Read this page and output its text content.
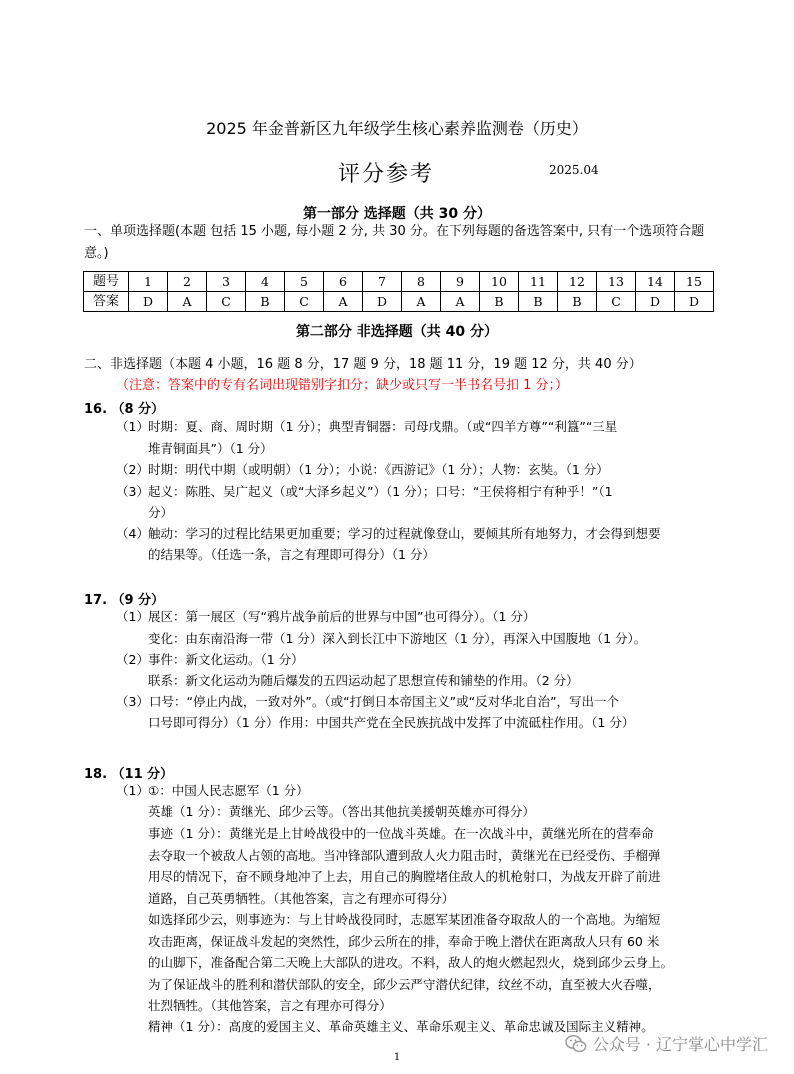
2025 年金普新区九年级学生核心素养监测卷（历史）
评分参考	2025.04
第一部分 选择题（共 30 分）
一、单项选择题(本题 包括 15 小题, 每小题 2 分, 共 30 分。在下列每题的备选答案中, 只有一个选项符合题
意。)
题号	1	2	3	4	5	6	7	8	9	10	11	12	13	14	15
答案	D	A	C	B	C	A	D	A	A	B	B	B	C	D	D
第二部分 非选择题（共 40 分）
二、非选择题（本题 4 小题，16 题 8 分，17 题 9 分，18 题 11 分，19 题 12 分，共 40 分）
（注意：答案中的专有名词出现错别字扣分；缺少或只写一半书名号扣 1 分；）
16. （8 分）
（1） 时期：夏、商、周时期（1 分）；典型青铜器：司母戊鼎。（或“四羊方尊”“利簋”“三星
堆青铜面具”）（1 分）
（2） 时期：明代中期（或明朝）（1 分）；小说：《西游记》（1 分）；人物：玄奘。（1 分）
（3） 起义：陈胜、吴广起义（或“大泽乡起义”）（1 分）；口号：“王侯将相宁有种乎！”（1
分）
（4） 触动：学习的过程比结果更加重要；学习的过程就像登山，要倾其所有地努力，才会得到想要
的结果等。（任选一条，言之有理即可得分）（1 分）
17. （9 分）
（1） 展区：第一展区（写“鸦片战争前后的世界与中国”也可得分）。（1 分）
变化：由东南沿海一带（1 分）深入到长江中下游地区（1 分），再深入中国腹地（1 分）。
（2） 事件：新文化运动。（1 分）
联系：新文化运动为随后爆发的五四运动起了思想宣传和铺垫的作用。（2 分）
（3）口号：“停止内战，一致对外”。（或“打倒日本帝国主义”或“反对华北自治”，写出一个
口号即可得分）（1 分）作用：中国共产党在全民族抗战中发挥了中流砥柱作用。（1 分）
18. （11 分）
（1） ①：中国人民志愿军（1 分）
英雄（1 分）：黄继光、邱少云等。（答出其他抗美援朝英雄亦可得分）
事迹（1 分）：黄继光是上甘岭战役中的一位战斗英雄。在一次战斗中，黄继光所在的营奉命
去夺取一个被敌人占领的高地。当冲锋部队遭到敌人火力阻击时，黄继光在已经受伤、手榴弹
用尽的情况下，奋不顾身地冲了上去，用自己的胸膛堵住敌人的机枪射口，为战友开辟了前进
道路，自己英勇牺牲。（其他答案，言之有理亦可得分）
如选择邱少云，则事迹为：与上甘岭战役同时，志愿军某团准备夺取敌人的一个高地。为缩短
攻击距离，保证战斗发起的突然性，邱少云所在的排，奉命于晚上潜伏在距离敌人只有 60 米
的山脚下，准备配合第二天晚上大部队的进攻。不料，敌人的炮火燃起烈火，烧到邱少云身上。
为了保证战斗的胜利和潜伏部队的安全，邱少云严守潜伏纪律，纹丝不动，直至被大火吞噬，
壮烈牺牲。（其他答案，言之有理亦可得分）
精神（1 分）：高度的爱国主义、革命英雄主义、革命乐观主义、革命忠诚及国际主义精神。
1
公众号 · 辽宁掌心中学汇
